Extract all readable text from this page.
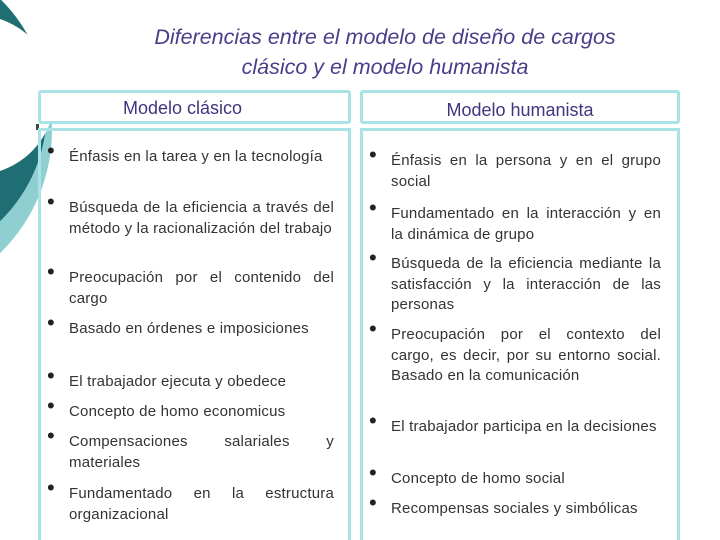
Diferencias entre el modelo de diseño de cargos
clásico y el modelo humanista
Modelo clásico	Modelo humanista
• Énfasis en la tarea y en la tecnología
• Búsqueda de la eficiencia a través del método y la racionalización del trabajo
• Preocupación por el contenido del cargo
• Basado en órdenes e imposiciones
• El trabajador ejecuta y obedece
• Concepto de homo economicus
• Compensaciones salariales y materiales
• Fundamentado en la estructura organizacional
• Énfasis en la persona y en el grupo social
• Fundamentado en la interacción y en la dinámica de grupo
• Búsqueda de la eficiencia mediante la satisfacción y la interacción de las personas
• Preocupación por el contexto del cargo, es decir, por su entorno social. Basado en la comunicación
• El trabajador participa en la decisiones
• Concepto de homo social
• Recompensas sociales y simbólicas
